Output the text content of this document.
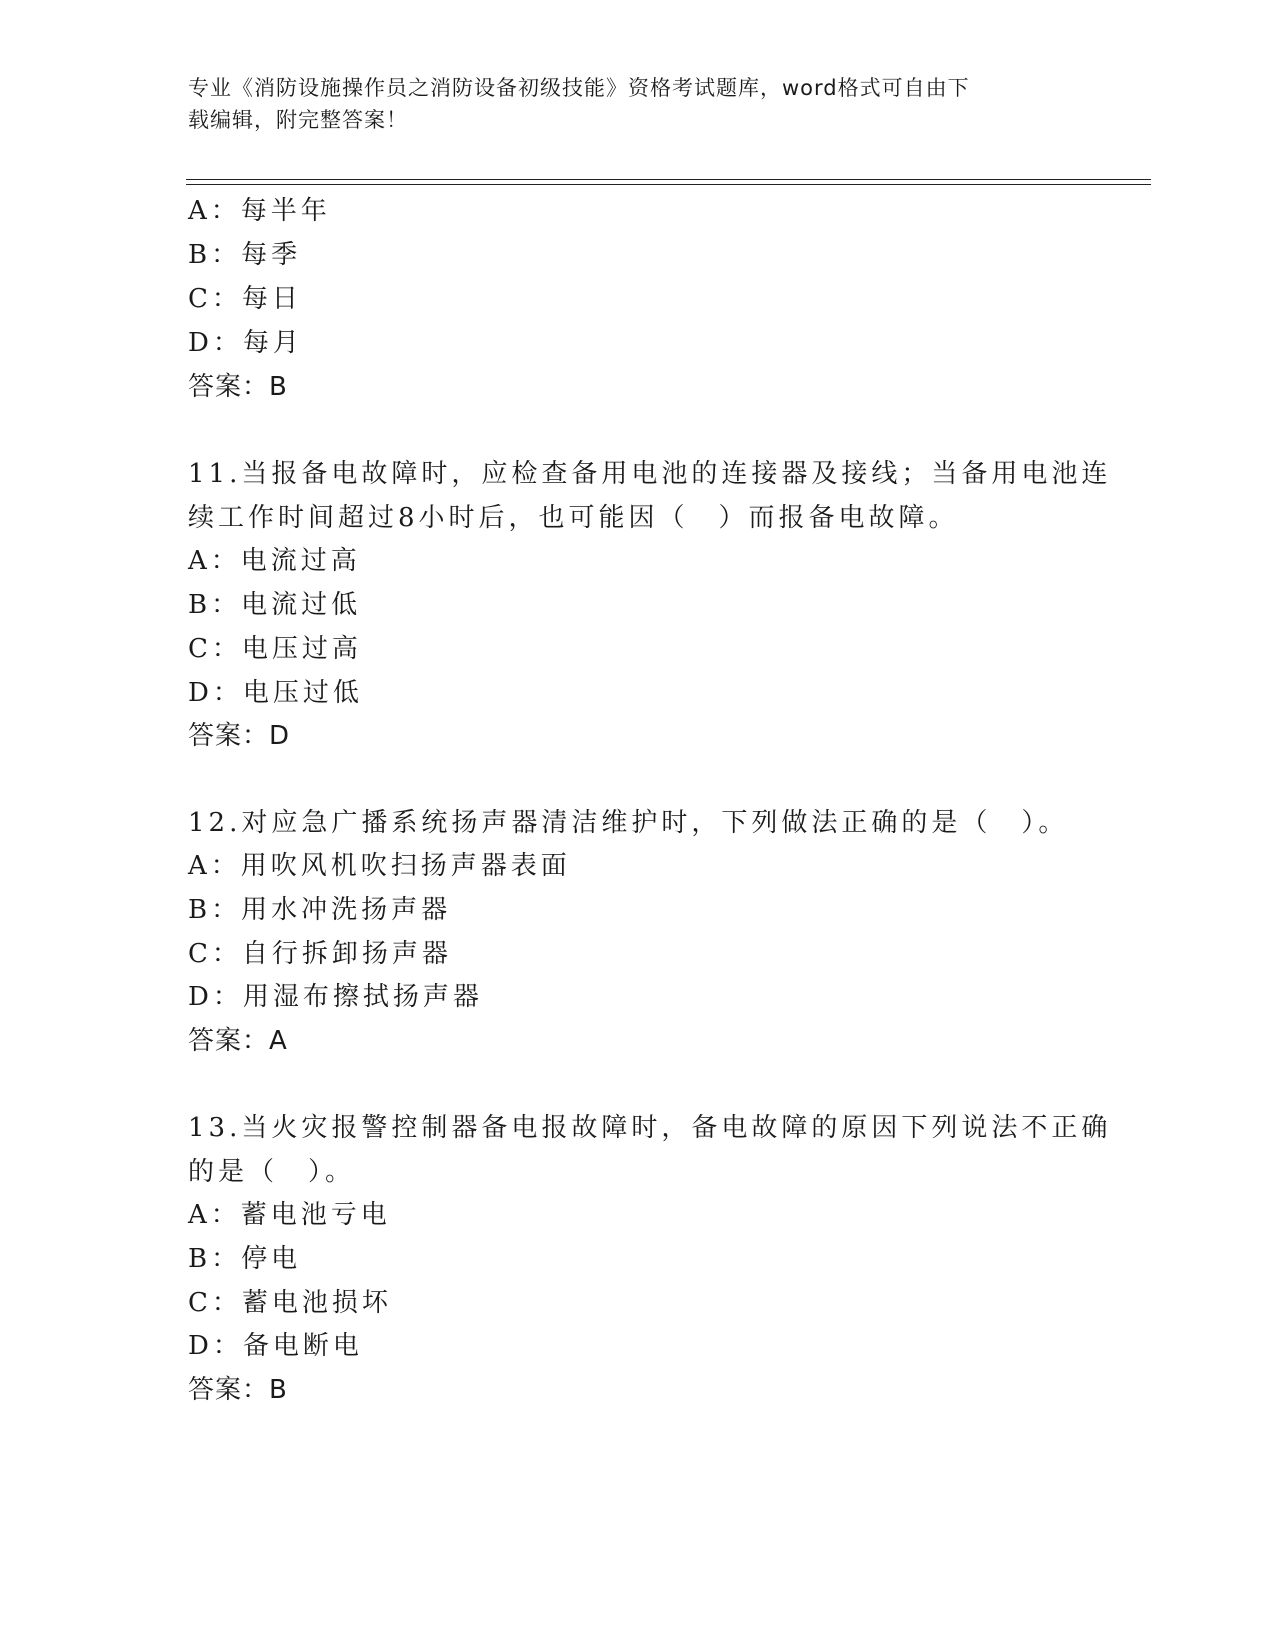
专业《消防设施操作员之消防设备初级技能》资格考试题库，word格式可自由下
载编辑，附完整答案！
A：每半年
B：每季
C：每日
D：每月
答案：B
11.当报备电故障时，应检查备用电池的连接器及接线；当备用电池连
续工作时间超过8小时后，也可能因（　）而报备电故障。
A：电流过高
B：电流过低
C：电压过高
D：电压过低
答案：D
12.对应急广播系统扬声器清洁维护时，下列做法正确的是（　）。
A：用吹风机吹扫扬声器表面
B：用水冲洗扬声器
C：自行拆卸扬声器
D：用湿布擦拭扬声器
答案：A
13.当火灾报警控制器备电报故障时，备电故障的原因下列说法不正确
的是（　）。
A：蓄电池亏电
B：停电
C：蓄电池损坏
D：备电断电
答案：B
